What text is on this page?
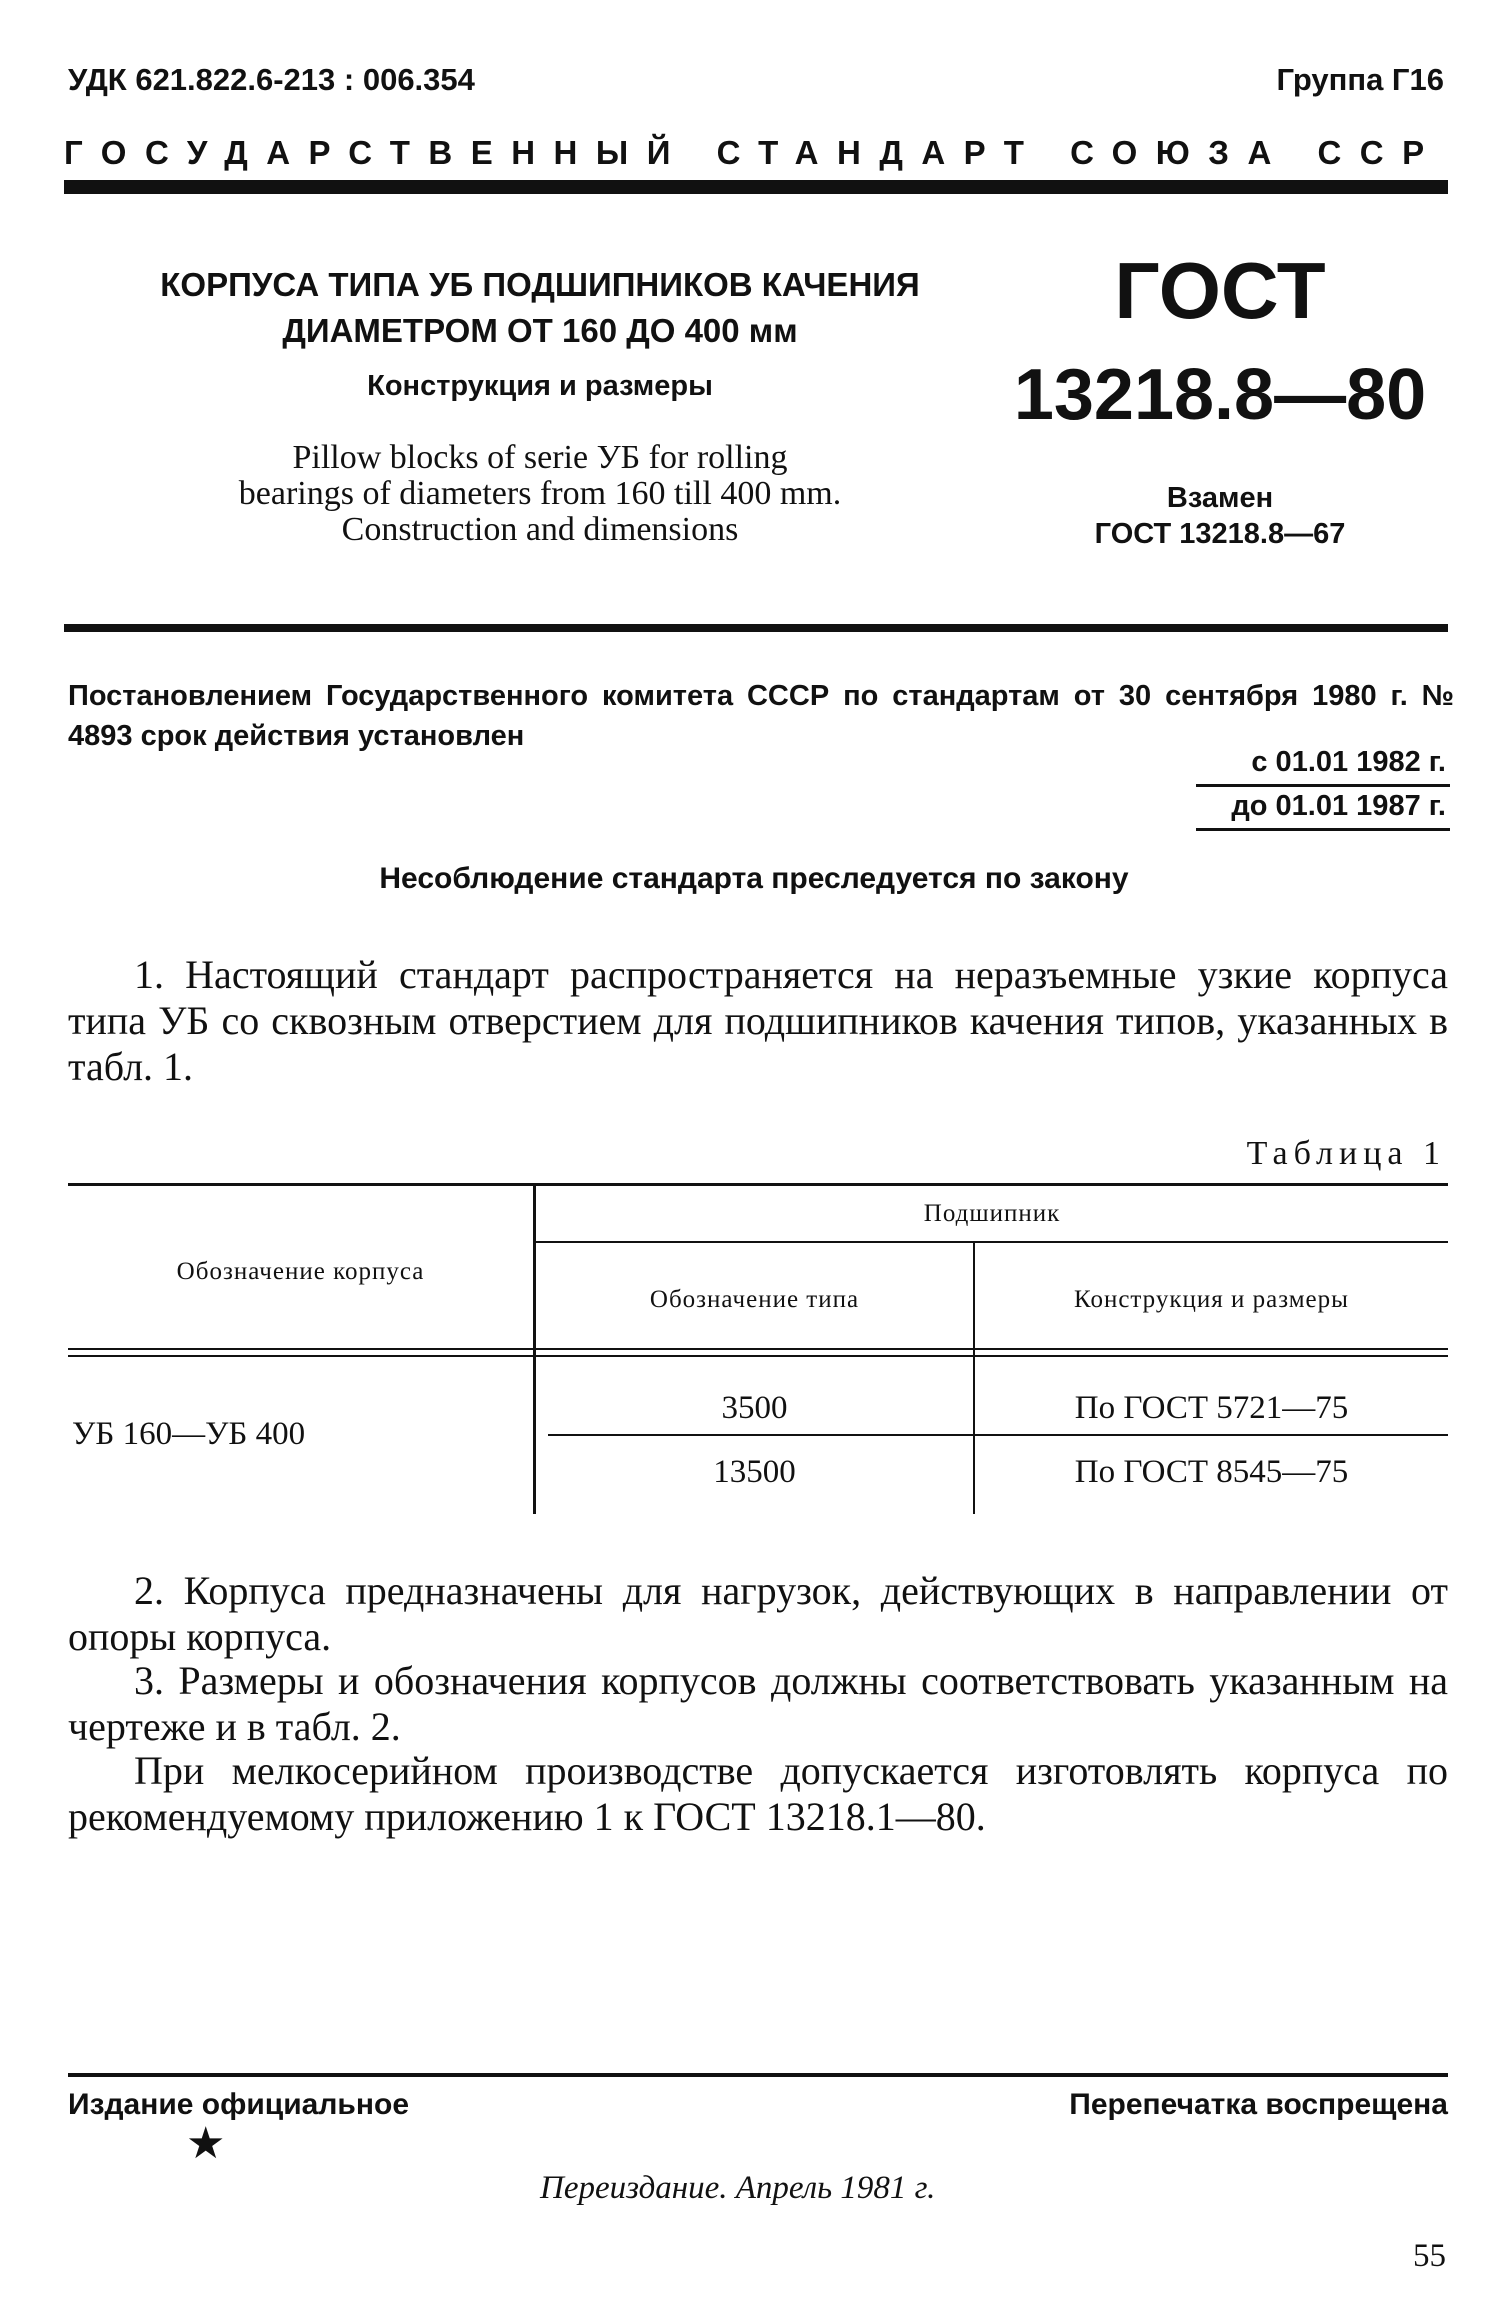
УДК 621.822.6-213 : 006.354	Группа Г16
ГОСУДАРСТВЕННЫЙ СТАНДАРТ СОЮЗА ССР
КОРПУСА ТИПА УБ ПОДШИПНИКОВ КАЧЕНИЯ
ДИАМЕТРОМ ОТ 160 ДО 400 мм
Конструкция и размеры
Pillow blocks of serie УБ for rolling
bearings of diameters from 160 till 400 mm.
Construction and dimensions
ГОСТ
13218.8—80
Взамен
ГОСТ 13218.8—67
Постановлением Государственного комитета СССР по стандартам от 30 сентября 1980 г. № 4893 срок действия установлен
с 01.01 1982 г.
до 01.01 1987 г.
Несоблюдение стандарта преследуется по закону
1. Настоящий стандарт распространяется на неразъемные узкие корпуса типа УБ со сквозным отверстием для подшипников качения типов, указанных в табл. 1.
Таблица 1
Обозначение корпуса
Подшипник
Обозначение типа	Конструкция и размеры
УБ 160—УБ 400
3500	По ГОСТ 5721—75
13500	По ГОСТ 8545—75
2. Корпуса предназначены для нагрузок, действующих в направлении от опоры корпуса.
3. Размеры и обозначения корпусов должны соответствовать указанным на чертеже и в табл. 2.
При мелкосерийном производстве допускается изготовлять корпуса по рекомендуемому приложению 1 к ГОСТ 13218.1—80.
Издание официальное
★
Перепечатка воспрещена
Переиздание. Апрель 1981 г.
55
